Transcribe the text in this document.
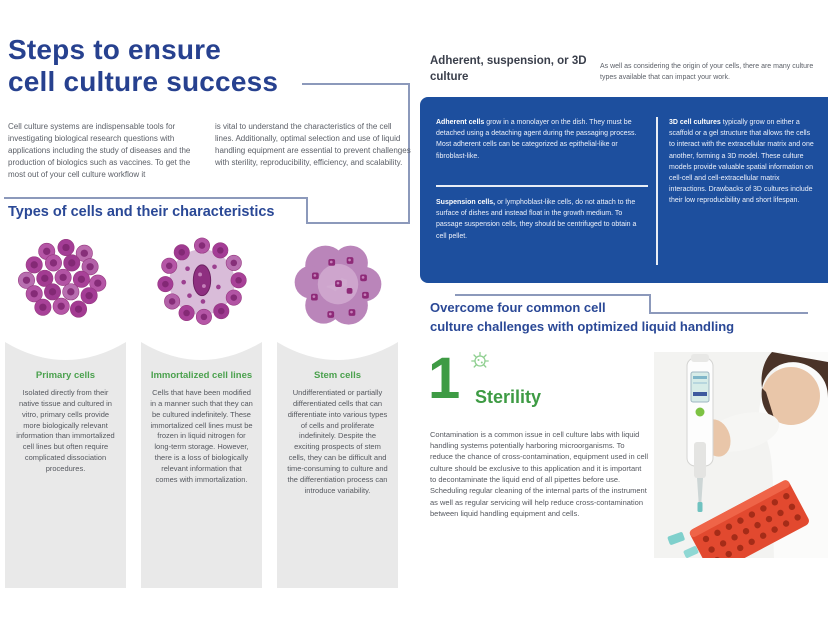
Steps to ensure
cell culture success

Cell culture systems are indispensable tools for investigating biological research questions with applications including the study of diseases and the production of biologics such as vaccines. To get the most out of your cell culture workflow it

is vital to understand the characteristics of the cell lines. Additionally, optimal selection and use of liquid handling equipment are essential to prevent challenges with sterility, reproducibility, efficiency, and scalability.

Types of cells and their characteristics
Primary cells
Isolated directly from their native tissue and cultured in vitro, primary cells provide more biologically relevant information than immortalized cell lines but often require complicated dissociation procedures.
Immortalized cell lines
Cells that have been modified in a manner such that they can be cultured indefinitely. These immortalized cell lines must be frozen in liquid nitrogen for long-term storage. However, there is a loss of biologically relevant information that comes with immortalization.
Stem cells
Undifferentiated or partially differentiated cells that can differentiate into various types of cells and proliferate indefinitely. Despite the exciting prospects of stem cells, they can be difficult and time-consuming to culture and the differentiation process can introduce variability.
Adherent, suspension, or 3D culture

As well as considering the origin of your cells, there are many culture types available that can impact your work.

Adherent cells grow in a monolayer on the dish. They must be detached using a detaching agent during the passaging process. Most adherent cells can be categorized as epithelial-like or fibroblast-like.

Suspension cells, or lymphoblast-like cells, do not attach to the surface of dishes and instead float in the growth medium. To passage suspension cells, they should be centrifuged to obtain a cell pellet.

3D cell cultures typically grow on either a scaffold or a gel structure that allows the cells to interact with the extracellular matrix and one another, forming a 3D model. These culture models provide valuable spatial information on cell-cell and cell-extracellular matrix interactions. Drawbacks of 3D cultures include their low reproducibility and short lifespan.

Overcome four common cell
culture challenges with optimized liquid handling
1 Sterility

Contamination is a common issue in cell culture labs with liquid handling systems potentially harboring microorganisms. To reduce the chance of cross-contamination, equipment used in cell culture should be exclusive to this application and it is important to decontaminate the liquid end of all pipettes before use. Scheduling regular cleaning of the internal parts of the instrument as well as regular servicing will help reduce cross-contamination between liquid handling equipment and cells.
